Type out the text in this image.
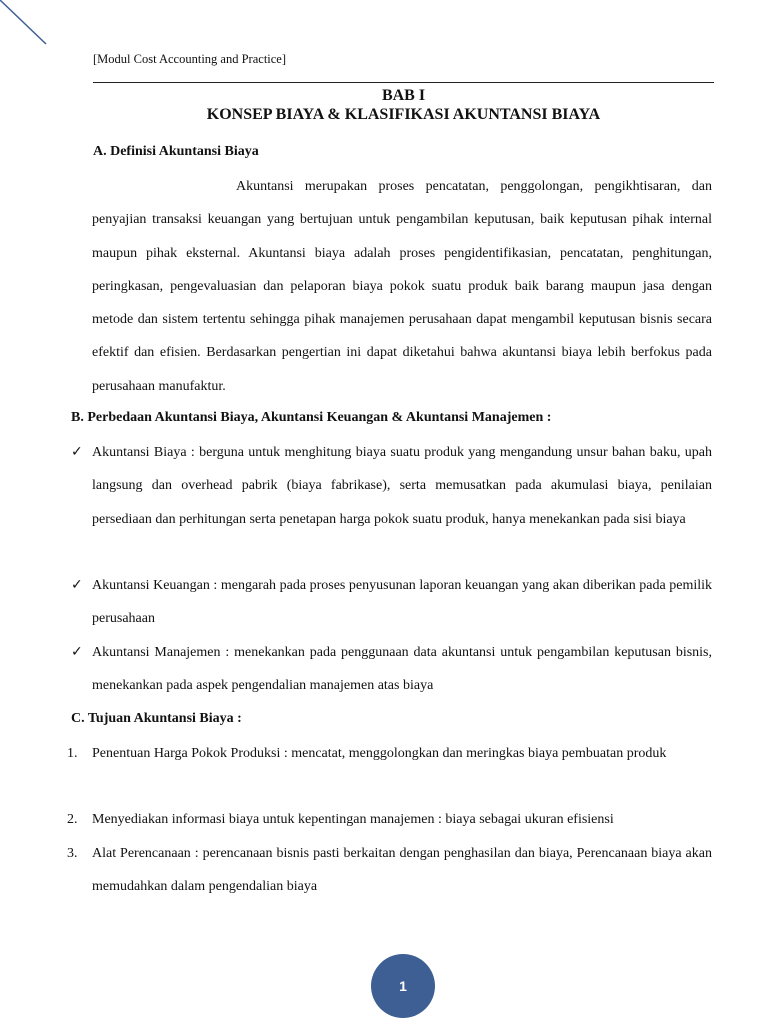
[Modul Cost Accounting and Practice]
BAB I
KONSEP BIAYA & KLASIFIKASI AKUNTANSI BIAYA
A. Definisi Akuntansi Biaya

Akuntansi merupakan proses pencatatan, penggolongan, pengikhtisaran, dan penyajian transaksi keuangan yang bertujuan untuk pengambilan keputusan, baik keputusan pihak internal maupun pihak eksternal. Akuntansi biaya adalah proses pengidentifikasian, pencatatan, penghitungan, peringkasan, pengevaluasian dan pelaporan biaya pokok suatu produk baik barang maupun jasa dengan metode dan sistem tertentu sehingga pihak manajemen perusahaan dapat mengambil keputusan bisnis secara efektif dan efisien. Berdasarkan pengertian ini dapat diketahui bahwa akuntansi biaya lebih berfokus pada perusahaan manufaktur.

B. Perbedaan Akuntansi Biaya, Akuntansi Keuangan & Akuntansi Manajemen :
✓ Akuntansi Biaya : berguna untuk menghitung biaya suatu produk yang mengandung unsur bahan baku, upah langsung dan overhead pabrik (biaya fabrikase), serta memusatkan pada akumulasi biaya, penilaian persediaan dan perhitungan serta penetapan harga pokok suatu produk, hanya menekankan pada sisi biaya
✓ Akuntansi Keuangan : mengarah pada proses penyusunan laporan keuangan yang akan diberikan pada pemilik perusahaan
✓ Akuntansi Manajemen : menekankan pada penggunaan data akuntansi untuk pengambilan keputusan bisnis, menekankan pada aspek pengendalian manajemen atas biaya
C. Tujuan Akuntansi Biaya :
1.	Penentuan Harga Pokok Produksi : mencatat, menggolongkan dan meringkas biaya pembuatan produk
2.	Menyediakan informasi biaya untuk kepentingan manajemen : biaya sebagai ukuran efisiensi
3.	Alat Perencanaan : perencanaan bisnis pasti berkaitan dengan penghasilan dan biaya, Perencanaan biaya akan memudahkan dalam pengendalian biaya
1
